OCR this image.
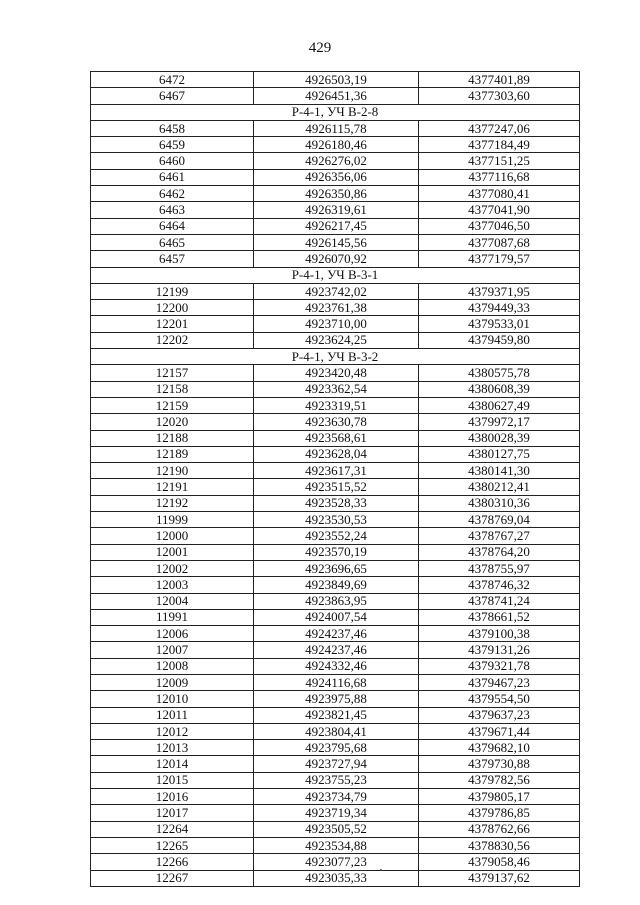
429
6472	4926503,19	4377401,89
6467	4926451,36	4377303,60
Р-4-1, УЧ В-2-8		
6458	4926115,78	4377247,06
6459	4926180,46	4377184,49
6460	4926276,02	4377151,25
6461	4926356,06	4377116,68
6462	4926350,86	4377080,41
6463	4926319,61	4377041,90
6464	4926217,45	4377046,50
6465	4926145,56	4377087,68
6457	4926070,92	4377179,57
Р-4-1, УЧ В-3-1		
12199	4923742,02	4379371,95
12200	4923761,38	4379449,33
12201	4923710,00	4379533,01
12202	4923624,25	4379459,80
Р-4-1, УЧ В-3-2		
12157	4923420,48	4380575,78
12158	4923362,54	4380608,39
12159	4923319,51	4380627,49
12020	4923630,78	4379972,17
12188	4923568,61	4380028,39
12189	4923628,04	4380127,75
12190	4923617,31	4380141,30
12191	4923515,52	4380212,41
12192	4923528,33	4380310,36
11999	4923530,53	4378769,04
12000	4923552,24	4378767,27
12001	4923570,19	4378764,20
12002	4923696,65	4378755,97
12003	4923849,69	4378746,32
12004	4923863,95	4378741,24
11991	4924007,54	4378661,52
12006	4924237,46	4379100,38
12007	4924237,46	4379131,26
12008	4924332,46	4379321,78
12009	4924116,68	4379467,23
12010	4923975,88	4379554,50
12011	4923821,45	4379637,23
12012	4923804,41	4379671,44
12013	4923795,68	4379682,10
12014	4923727,94	4379730,88
12015	4923755,23	4379782,56
12016	4923734,79	4379805,17
12017	4923719,34	4379786,85
12264	4923505,52	4378762,66
12265	4923534,88	4378830,56
12266	4923077,23	4379058,46
12267	4923035,33	4379137,62
